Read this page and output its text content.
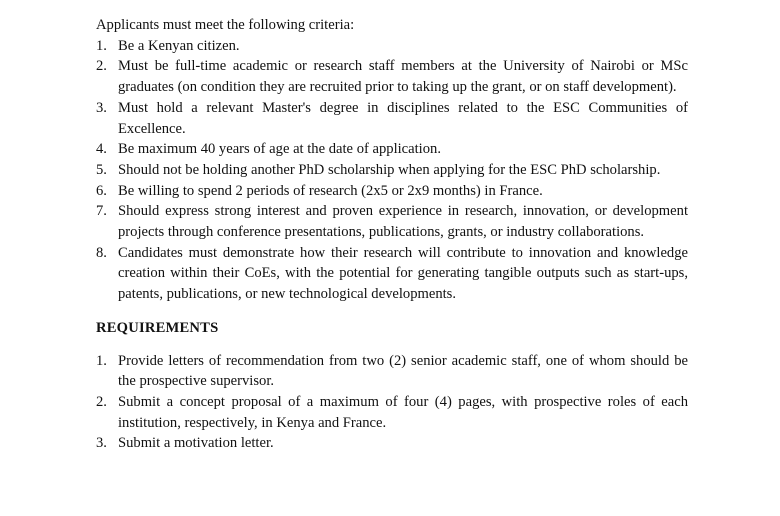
Applicants must meet the following criteria:

1. Be a Kenyan citizen.
2. Must be full-time academic or research staff members at the University of Nairobi or MSc graduates (on condition they are recruited prior to taking up the grant, or on staff development).
3. Must hold a relevant Master's degree in disciplines related to the ESC Communities of Excellence.
4. Be maximum 40 years of age at the date of application.
5. Should not be holding another PhD scholarship when applying for the ESC PhD scholarship.
6. Be willing to spend 2 periods of research (2x5 or 2x9 months) in France.
7. Should express strong interest and proven experience in research, innovation, or development projects through conference presentations, publications, grants, or industry collaborations.
8. Candidates must demonstrate how their research will contribute to innovation and knowledge creation within their CoEs, with the potential for generating tangible outputs such as start-ups, patents, publications, or new technological developments.
REQUIREMENTS
1. Provide letters of recommendation from two (2) senior academic staff, one of whom should be the prospective supervisor.
2. Submit a concept proposal of a maximum of four (4) pages, with prospective roles of each institution, respectively, in Kenya and France.
3. Submit a motivation letter.
